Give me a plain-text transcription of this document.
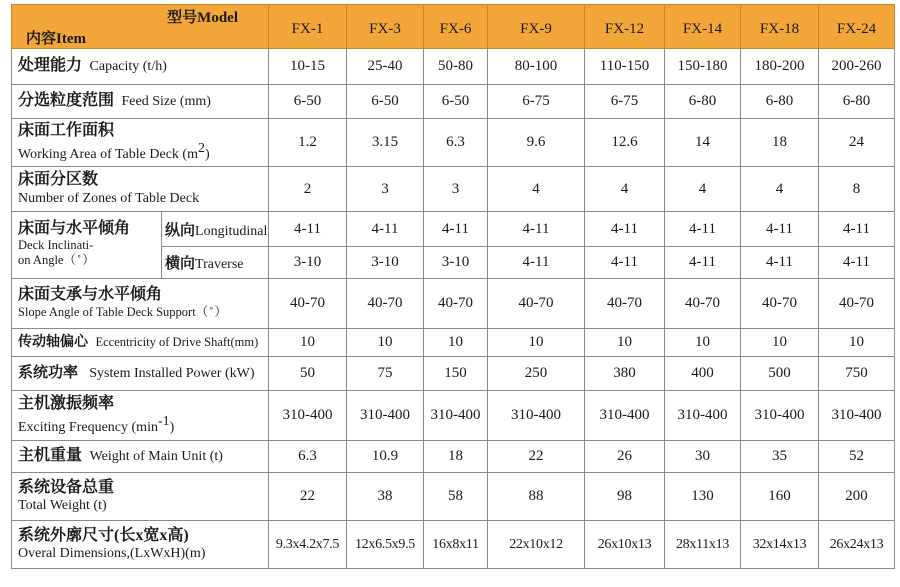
型号Model
内容Item		FX-1	FX-3	FX-6	FX-9	FX-12	FX-14	FX-18	FX-24
处理能力 Capacity (t/h)		10-15	25-40	50-80	80-100	110-150	150-180	180-200	200-260
分选粒度范围 Feed Size (mm)		6-50	6-50	6-50	6-75	6-75	6-80	6-80	6-80
床面工作面积
Working Area of Table Deck $(m^2)$		1.2	3.15	6.3	9.6	12.6	14	18	24
床面分区数
Number of Zones of Table Deck		2	3	3	4	4	4	4	8
床面与水平倾角
Deck Inclinati-
on Angle（ ̊ ）	纵向Longitudinal	4-11	4-11	4-11	4-11	4-11	4-11	4-11	4-11
	横向Traverse	3-10	3-10	3-10	4-11	4-11	4-11	4-11	4-11
床面支承与水平倾角
Slope Angle of Table Deck Support（ ̊ ）		40-70	40-70	40-70	40-70	40-70	40-70	40-70	40-70
传动轴偏心 Eccentricity of Drive Shaft(mm)		10	10	10	10	10	10	10	10
系统功率 System Installed Power (kW)		50	75	150	250	380	400	500	750
主机激振频率
Exciting Frequency $(\min^{-1})$		310-400	310-400	310-400	310-400	310-400	310-400	310-400	310-400
主机重量 Weight of Main Unit (t)		6.3	10.9	18	22	26	30	35	52
系统设备总重
Total Weight (t)		22	38	58	88	98	130	160	200
系统外廓尺寸(长x宽x高)
Overal Dimensions,(LxWxH)(m)		9.3x4.2x7.5	12x6.5x9.5	16x8x11	22x10x12	26x10x13	28x11x13	32x14x13	26x24x13
